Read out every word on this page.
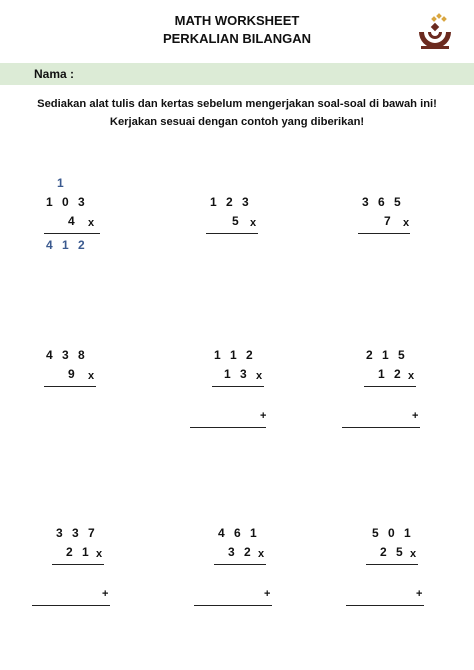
MATH WORKSHEET
PERKALIAN BILANGAN
Nama :
Sediakan alat tulis dan kertas sebelum mengerjakan soal-soal di bawah ini!
Kerjakan sesuai dengan contoh yang diberikan!
1
1 0 3
4 x
4 1 2
1 2 3
5 x
3 6 5
7 x
4 3 8
9 x
1 1 2
1 3 x
+
2 1 5
1 2 x
+
3 3 7
2 1 x
+
4 6 1
3 2 x
+
5 0 1
2 5 x
+
